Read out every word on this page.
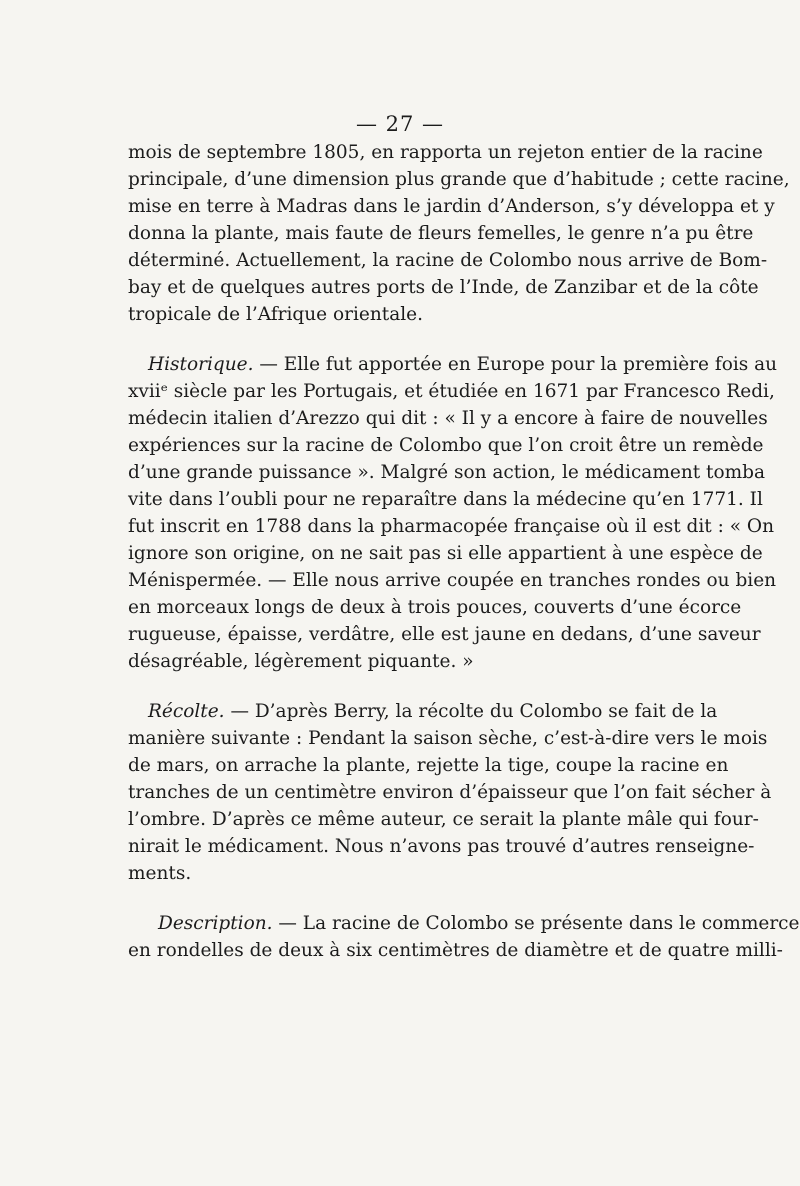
— 27 —
mois de septembre 1805, en rapporta un rejeton entier de la racine
principale, d’une dimension plus grande que d’habitude ; cette racine,
mise en terre à Madras dans le jardin d’Anderson, s’y développa et y
donna la plante, mais faute de fleurs femelles, le genre n’a pu être
déterminé. Actuellement, la racine de Colombo nous arrive de Bom-
bay et de quelques autres ports de l’Inde, de Zanzibar et de la côte
tropicale de l’Afrique orientale.
Historique. — Elle fut apportée en Europe pour la première fois au
xviiᵉ siècle par les Portugais, et étudiée en 1671 par Francesco Redi,
médecin italien d’Arezzo qui dit : « Il y a encore à faire de nouvelles
expériences sur la racine de Colombo que l’on croit être un remède
d’une grande puissance ». Malgré son action, le médicament tomba
vite dans l’oubli pour ne reparaître dans la médecine qu’en 1771. Il
fut inscrit en 1788 dans la pharmacopée française où il est dit : « On
ignore son origine, on ne sait pas si elle appartient à une espèce de
Ménispermée. — Elle nous arrive coupée en tranches rondes ou bien
en morceaux longs de deux à trois pouces, couverts d’une écorce
rugueuse, épaisse, verdâtre, elle est jaune en dedans, d’une saveur
désagréable, légèrement piquante. »
Récolte. — D’après Berry, la récolte du Colombo se fait de la
manière suivante : Pendant la saison sèche, c’est-à-dire vers le mois
de mars, on arrache la plante, rejette la tige, coupe la racine en
tranches de un centimètre environ d’épaisseur que l’on fait sécher à
l’ombre. D’après ce même auteur, ce serait la plante mâle qui four-
nirait le médicament. Nous n’avons pas trouvé d’autres renseigne-
ments.
Description. — La racine de Colombo se présente dans le commerce
en rondelles de deux à six centimètres de diamètre et de quatre milli-
